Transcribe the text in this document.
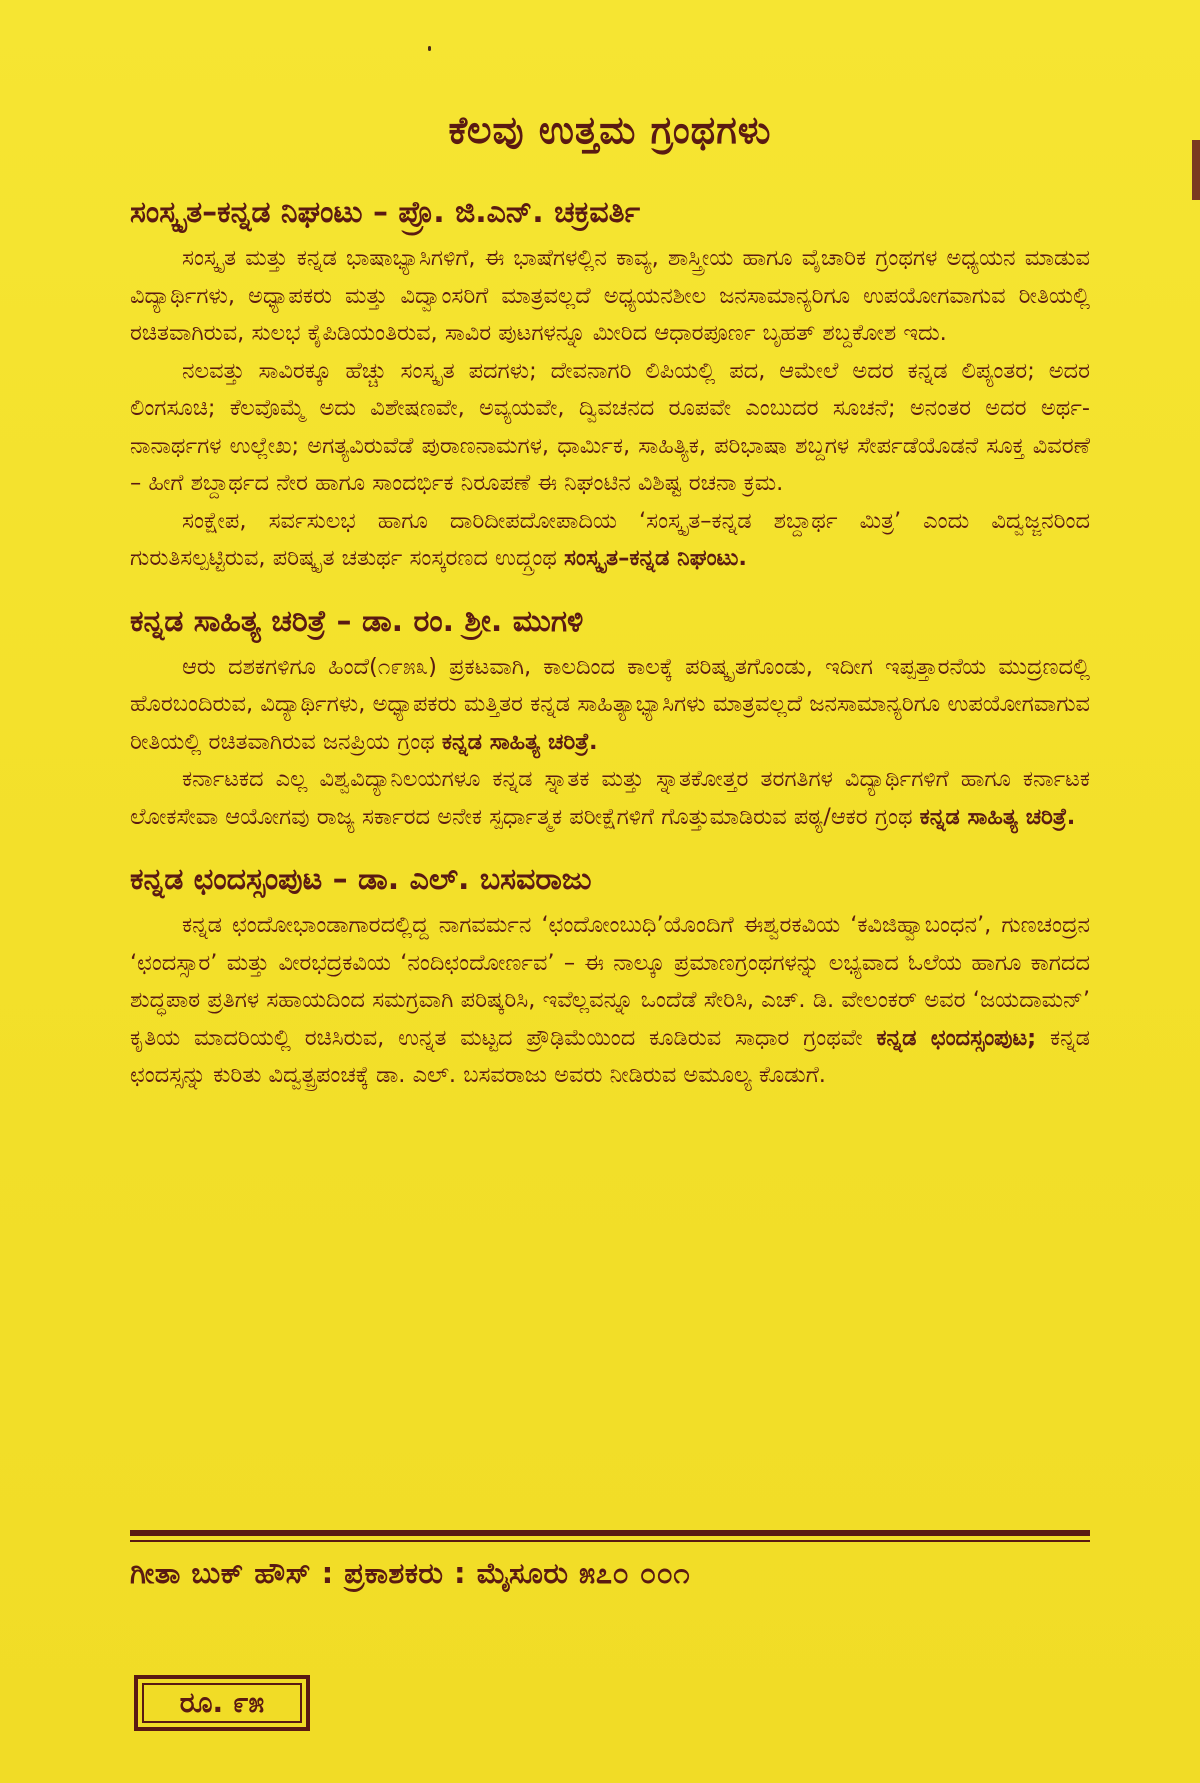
ಕೆಲವು ಉತ್ತಮ ಗ್ರಂಥಗಳು
ಸಂಸ್ಕೃತ–ಕನ್ನಡ ನಿಘಂಟು – ಪ್ರೊ. ಜಿ.ಎನ್. ಚಕ್ರವರ್ತಿ

ಸಂಸ್ಕೃತ ಮತ್ತು ಕನ್ನಡ ಭಾಷಾಭ್ಯಾಸಿಗಳಿಗೆ, ಈ ಭಾಷೆಗಳಲ್ಲಿನ ಕಾವ್ಯ, ಶಾಸ್ತ್ರೀಯ ಹಾಗೂ ವೈಚಾರಿಕ ಗ್ರಂಥಗಳ ಅಧ್ಯಯನ ಮಾಡುವ ವಿದ್ಯಾರ್ಥಿಗಳು, ಅಧ್ಯಾಪಕರು ಮತ್ತು ವಿದ್ವಾಂಸರಿಗೆ ಮಾತ್ರವಲ್ಲದೆ ಅಧ್ಯಯನಶೀಲ ಜನಸಾಮಾನ್ಯರಿಗೂ ಉಪಯೋಗವಾಗುವ ರೀತಿಯಲ್ಲಿ ರಚಿತವಾಗಿರುವ, ಸುಲಭ ಕೈಪಿಡಿಯಂತಿರುವ, ಸಾವಿರ ಪುಟಗಳನ್ನೂ ಮೀರಿದ ಆಧಾರಪೂರ್ಣ ಬೃಹತ್ ಶಬ್ದಕೋಶ ಇದು.

ನಲವತ್ತು ಸಾವಿರಕ್ಕೂ ಹೆಚ್ಚು ಸಂಸ್ಕೃತ ಪದಗಳು; ದೇವನಾಗರಿ ಲಿಪಿಯಲ್ಲಿ ಪದ, ಆಮೇಲೆ ಅದರ ಕನ್ನಡ ಲಿಪ್ಯಂತರ; ಅದರ ಲಿಂಗಸೂಚಿ; ಕೆಲವೊಮ್ಮೆ ಅದು ವಿಶೇಷಣವೇ, ಅವ್ಯಯವೇ, ದ್ವಿವಚನದ ರೂಪವೇ ಎಂಬುದರ ಸೂಚನೆ; ಅನಂತರ ಅದರ ಅರ್ಥ-ನಾನಾರ್ಥಗಳ ಉಲ್ಲೇಖ; ಅಗತ್ಯವಿರುವೆಡೆ ಪುರಾಣನಾಮಗಳ, ಧಾರ್ಮಿಕ, ಸಾಹಿತ್ಯಿಕ, ಪರಿಭಾಷಾ ಶಬ್ದಗಳ ಸೇರ್ಪಡೆಯೊಡನೆ ಸೂಕ್ತ ವಿವರಣೆ – ಹೀಗೆ ಶಬ್ದಾರ್ಥದ ನೇರ ಹಾಗೂ ಸಾಂದರ್ಭಿಕ ನಿರೂಪಣೆ ಈ ನಿಘಂಟಿನ ವಿಶಿಷ್ಟ ರಚನಾ ಕ್ರಮ.

ಸಂಕ್ಷೇಪ, ಸರ್ವಸುಲಭ ಹಾಗೂ ದಾರಿದೀಪದೋಪಾದಿಯ ‘ಸಂಸ್ಕೃತ–ಕನ್ನಡ ಶಬ್ದಾರ್ಥ ಮಿತ್ರ’ ಎಂದು ವಿದ್ವಜ್ಜನರಿಂದ ಗುರುತಿಸಲ್ಪಟ್ಟಿರುವ, ಪರಿಷ್ಕೃತ ಚತುರ್ಥ ಸಂಸ್ಕರಣದ ಉದ್ಗ್ರಂಥ ಸಂಸ್ಕೃತ–ಕನ್ನಡ ನಿಘಂಟು.

ಕನ್ನಡ ಸಾಹಿತ್ಯ ಚರಿತ್ರೆ – ಡಾ. ರಂ. ಶ್ರೀ. ಮುಗಳಿ

ಆರು ದಶಕಗಳಿಗೂ ಹಿಂದೆ(೧೯೫೩) ಪ್ರಕಟವಾಗಿ, ಕಾಲದಿಂದ ಕಾಲಕ್ಕೆ ಪರಿಷ್ಕೃತಗೊಂಡು, ಇದೀಗ ಇಪ್ಪತ್ತಾರನೆಯ ಮುದ್ರಣದಲ್ಲಿ ಹೊರಬಂದಿರುವ, ವಿದ್ಯಾರ್ಥಿಗಳು, ಅಧ್ಯಾಪಕರು ಮತ್ತಿತರ ಕನ್ನಡ ಸಾಹಿತ್ಯಾಭ್ಯಾಸಿಗಳು ಮಾತ್ರವಲ್ಲದೆ ಜನಸಾಮಾನ್ಯರಿಗೂ ಉಪಯೋಗವಾಗುವ ರೀತಿಯಲ್ಲಿ ರಚಿತವಾಗಿರುವ ಜನಪ್ರಿಯ ಗ್ರಂಥ ಕನ್ನಡ ಸಾಹಿತ್ಯ ಚರಿತ್ರೆ.

ಕರ್ನಾಟಕದ ಎಲ್ಲ ವಿಶ್ವವಿದ್ಯಾನಿಲಯಗಳೂ ಕನ್ನಡ ಸ್ನಾತಕ ಮತ್ತು ಸ್ನಾತಕೋತ್ತರ ತರಗತಿಗಳ ವಿದ್ಯಾರ್ಥಿಗಳಿಗೆ ಹಾಗೂ ಕರ್ನಾಟಕ ಲೋಕಸೇವಾ ಆಯೋಗವು ರಾಜ್ಯ ಸರ್ಕಾರದ ಅನೇಕ ಸ್ಪರ್ಧಾತ್ಮಕ ಪರೀಕ್ಷೆಗಳಿಗೆ ಗೊತ್ತುಮಾಡಿರುವ ಪಠ್ಯ/ಆಕರ ಗ್ರಂಥ ಕನ್ನಡ ಸಾಹಿತ್ಯ ಚರಿತ್ರೆ.

ಕನ್ನಡ ಛಂದಸ್ಸಂಪುಟ – ಡಾ. ಎಲ್. ಬಸವರಾಜು

ಕನ್ನಡ ಛಂದೋಭಾಂಡಾಗಾರದಲ್ಲಿದ್ದ ನಾಗವರ್ಮನ ‘ಛಂದೋಂಬುಧಿ’ಯೊಂದಿಗೆ ಈಶ್ವರಕವಿಯ ‘ಕವಿಜಿಹ್ವಾಬಂಧನ’, ಗುಣಚಂದ್ರನ ‘ಛಂದಸ್ಸಾರ’ ಮತ್ತು ವೀರಭದ್ರಕವಿಯ ‘ನಂದಿಛಂದೋರ್ಣವ’ – ಈ ನಾಲ್ಕೂ ಪ್ರಮಾಣಗ್ರಂಥಗಳನ್ನು ಲಭ್ಯವಾದ ಓಲೆಯ ಹಾಗೂ ಕಾಗದದ ಶುದ್ಧಪಾಠ ಪ್ರತಿಗಳ ಸಹಾಯದಿಂದ ಸಮಗ್ರವಾಗಿ ಪರಿಷ್ಕರಿಸಿ, ಇವೆಲ್ಲವನ್ನೂ ಒಂದೆಡೆ ಸೇರಿಸಿ, ಎಚ್. ಡಿ. ವೇಲಂಕರ್ ಅವರ ‘ಜಯದಾಮನ್’ ಕೃತಿಯ ಮಾದರಿಯಲ್ಲಿ ರಚಿಸಿರುವ, ಉನ್ನತ ಮಟ್ಟದ ಪ್ರೌಢಿಮೆಯಿಂದ ಕೂಡಿರುವ ಸಾಧಾರ ಗ್ರಂಥವೇ ಕನ್ನಡ ಛಂದಸ್ಸಂಪುಟ; ಕನ್ನಡ ಛಂದಸ್ಸನ್ನು ಕುರಿತು ವಿದ್ವತ್ಪ್ರಪಂಚಕ್ಕೆ ಡಾ. ಎಲ್. ಬಸವರಾಜು ಅವರು ನೀಡಿರುವ ಅಮೂಲ್ಯ ಕೊಡುಗೆ.

ಗೀತಾ ಬುಕ್ ಹೌಸ್ : ಪ್ರಕಾಶಕರು : ಮೈಸೂರು ೫೭೦ ೦೦೧
ರೂ. ೯೫
